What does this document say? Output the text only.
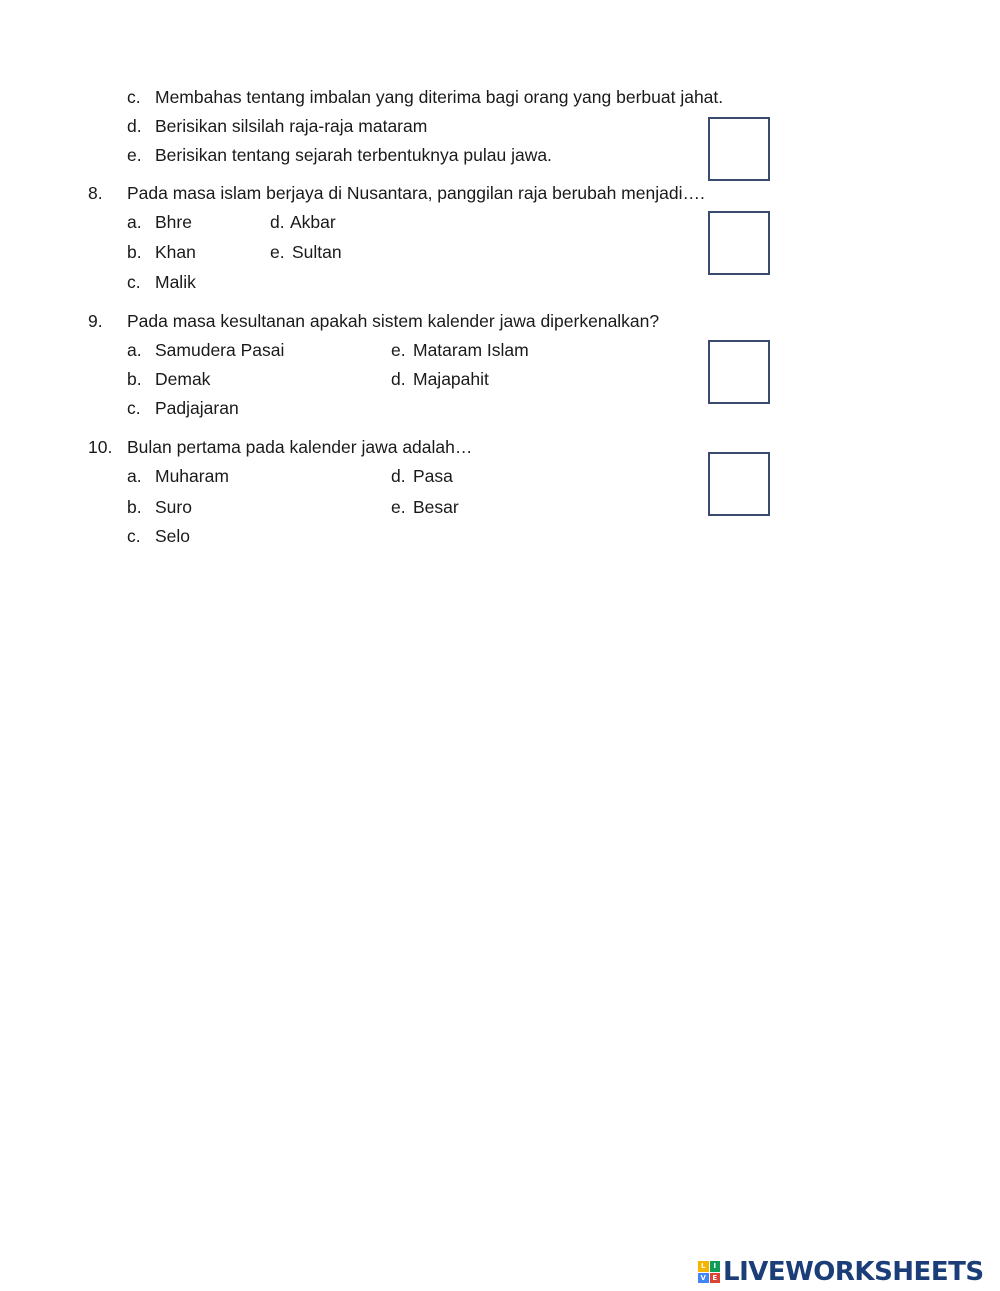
c. Membahas tentang imbalan yang diterima bagi orang yang berbuat jahat.
d. Berisikan silsilah raja-raja mataram
e. Berisikan tentang sejarah terbentuknya pulau jawa.
8. Pada masa islam berjaya di Nusantara, panggilan raja berubah menjadi….
a. Bhre	d. Akbar
b. Khan	e. Sultan
c. Malik
9. Pada masa kesultanan apakah sistem kalender jawa diperkenalkan?
a. Samudera Pasai	e. Mataram Islam
b. Demak	d. Majapahit
c. Padjajaran
10. Bulan pertama pada kalender jawa adalah…
a. Muharam	d. Pasa
b. Suro	e. Besar
c. Selo
L	I
V E LIVEWORKSHEETS
